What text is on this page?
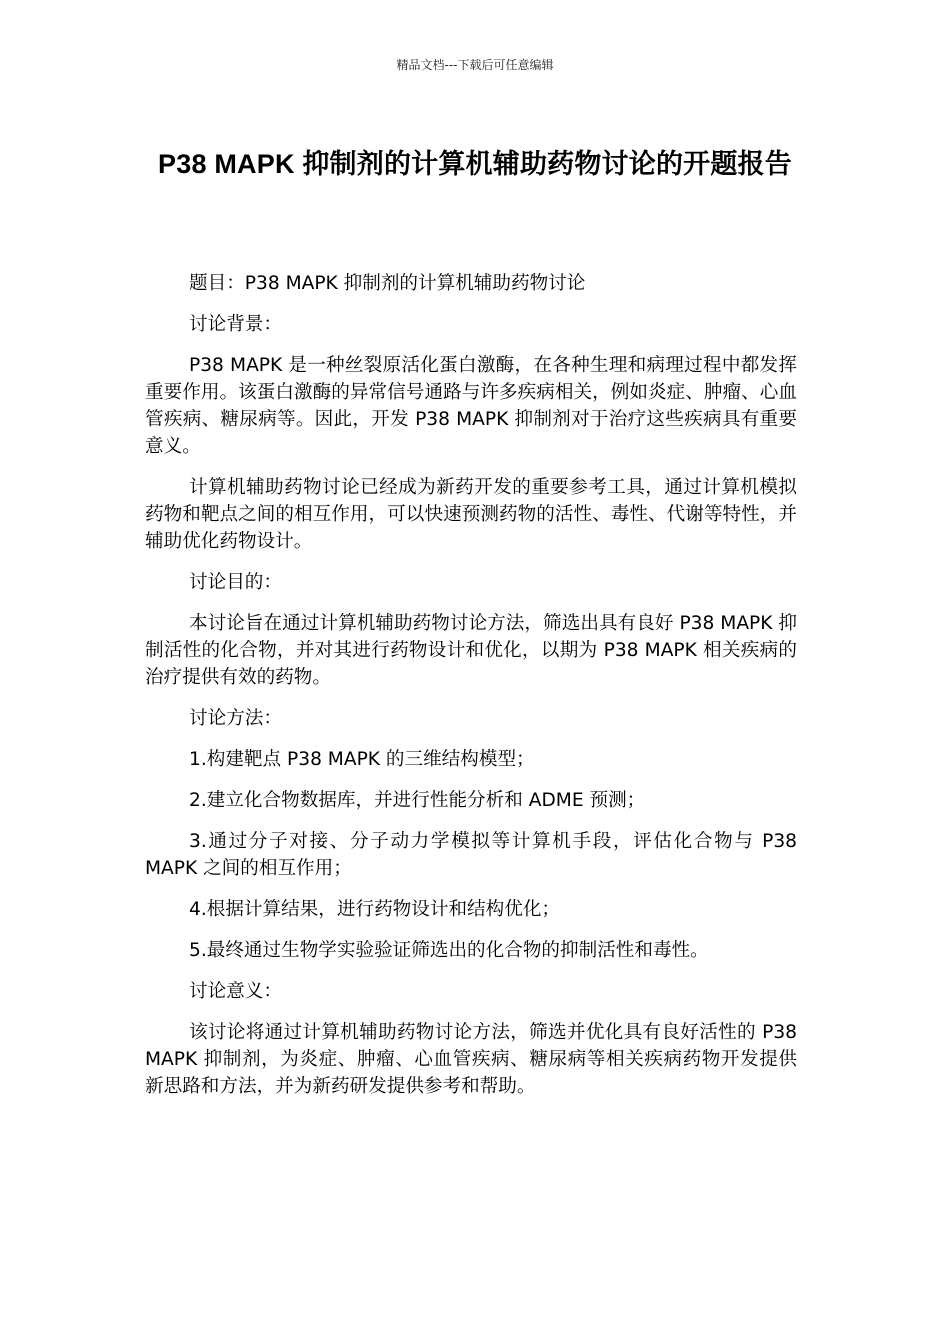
精品文档---下载后可任意编辑
P38 MAPK 抑制剂的计算机辅助药物讨论的开题报告

题目：P38 MAPK 抑制剂的计算机辅助药物讨论

讨论背景：

P38 MAPK 是一种丝裂原活化蛋白激酶，在各种生理和病理过程中都发挥重要作用。该蛋白激酶的异常信号通路与许多疾病相关，例如炎症、肿瘤、心血管疾病、糖尿病等。因此，开发 P38 MAPK 抑制剂对于治疗这些疾病具有重要意义。

计算机辅助药物讨论已经成为新药开发的重要参考工具，通过计算机模拟药物和靶点之间的相互作用，可以快速预测药物的活性、毒性、代谢等特性，并辅助优化药物设计。

讨论目的：

本讨论旨在通过计算机辅助药物讨论方法，筛选出具有良好 P38 MAPK 抑制活性的化合物，并对其进行药物设计和优化，以期为 P38 MAPK 相关疾病的治疗提供有效的药物。

讨论方法：

1.构建靶点 P38 MAPK 的三维结构模型；

2.建立化合物数据库，并进行性能分析和 ADME 预测；

3.通过分子对接、分子动力学模拟等计算机手段，评估化合物与 P38 MAPK 之间的相互作用；

4.根据计算结果，进行药物设计和结构优化；

5.最终通过生物学实验验证筛选出的化合物的抑制活性和毒性。

讨论意义：

该讨论将通过计算机辅助药物讨论方法，筛选并优化具有良好活性的 P38 MAPK 抑制剂，为炎症、肿瘤、心血管疾病、糖尿病等相关疾病药物开发提供新思路和方法，并为新药研发提供参考和帮助。
